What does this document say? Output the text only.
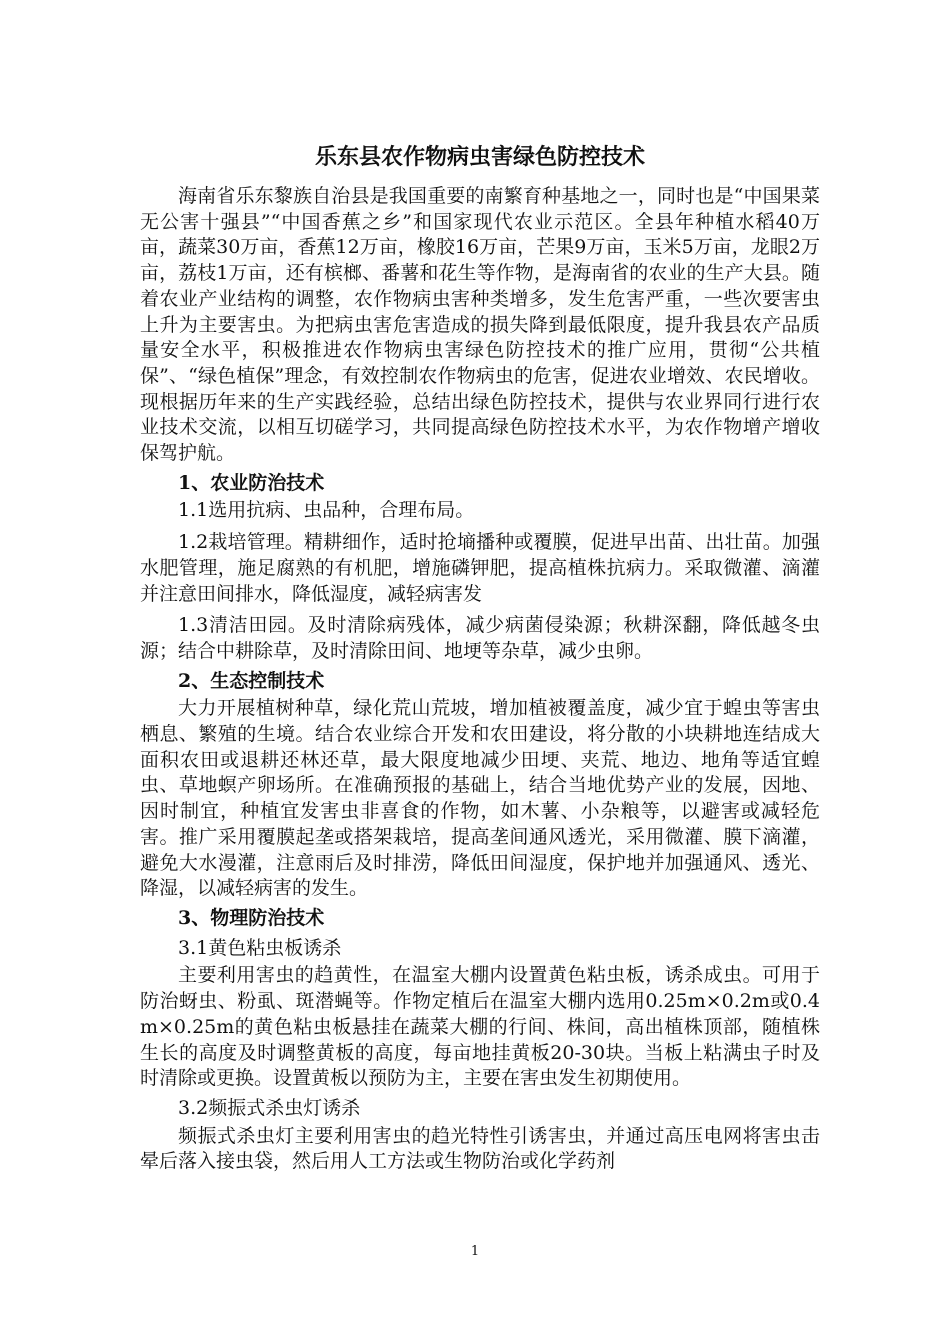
乐东县农作物病虫害绿色防控技术

海南省乐东黎族自治县是我国重要的南繁育种基地之一，同时也是“中国果菜无公害十强县”“中国香蕉之乡”和国家现代农业示范区。全县年种植水稻40万亩，蔬菜30万亩，香蕉12万亩，橡胶16万亩，芒果9万亩，玉米5万亩，龙眼2万亩，荔枝1万亩，还有槟榔、番薯和花生等作物，是海南省的农业的生产大县。随着农业产业结构的调整，农作物病虫害种类增多，发生危害严重，一些次要害虫上升为主要害虫。为把病虫害危害造成的损失降到最低限度，提升我县农产品质量安全水平，积极推进农作物病虫害绿色防控技术的推广应用，贯彻“公共植保”、“绿色植保”理念，有效控制农作物病虫的危害，促进农业增效、农民增收。现根据历年来的生产实践经验，总结出绿色防控技术，提供与农业界同行进行农业技术交流，以相互切磋学习，共同提高绿色防控技术水平，为农作物增产增收保驾护航。

1、农业防治技术

1.1选用抗病、虫品种，合理布局。

1.2栽培管理。精耕细作，适时抢墒播种或覆膜，促进早出苗、出壮苗。加强水肥管理，施足腐熟的有机肥，增施磷钾肥，提高植株抗病力。采取微灌、滴灌并注意田间排水，降低湿度，减轻病害发

1.3清洁田园。及时清除病残体，减少病菌侵染源；秋耕深翻，降低越冬虫源；结合中耕除草，及时清除田间、地埂等杂草，减少虫卵。

2、生态控制技术

大力开展植树种草，绿化荒山荒坡，增加植被覆盖度，减少宜于蝗虫等害虫栖息、繁殖的生境。结合农业综合开发和农田建设，将分散的小块耕地连结成大面积农田或退耕还林还草，最大限度地减少田埂、夹荒、地边、地角等适宜蝗虫、草地螟产卵场所。在准确预报的基础上，结合当地优势产业的发展，因地、因时制宜，种植宜发害虫非喜食的作物，如木薯、小杂粮等，以避害或减轻危害。推广采用覆膜起垄或搭架栽培，提高垄间通风透光，采用微灌、膜下滴灌，避免大水漫灌，注意雨后及时排涝，降低田间湿度，保护地并加强通风、透光、降湿，以减轻病害的发生。

3、物理防治技术

3.1黄色粘虫板诱杀

主要利用害虫的趋黄性，在温室大棚内设置黄色粘虫板，诱杀成虫。可用于防治蚜虫、粉虱、斑潜蝇等。作物定植后在温室大棚内选用0.25m×0.2m或0.4m×0.25m的黄色粘虫板悬挂在蔬菜大棚的行间、株间，高出植株顶部，随植株生长的高度及时调整黄板的高度，每亩地挂黄板20-30块。当板上粘满虫子时及时清除或更换。设置黄板以预防为主，主要在害虫发生初期使用。

3.2频振式杀虫灯诱杀

频振式杀虫灯主要利用害虫的趋光特性引诱害虫，并通过高压电网将害虫击晕后落入接虫袋，然后用人工方法或生物防治或化学药剂

1
